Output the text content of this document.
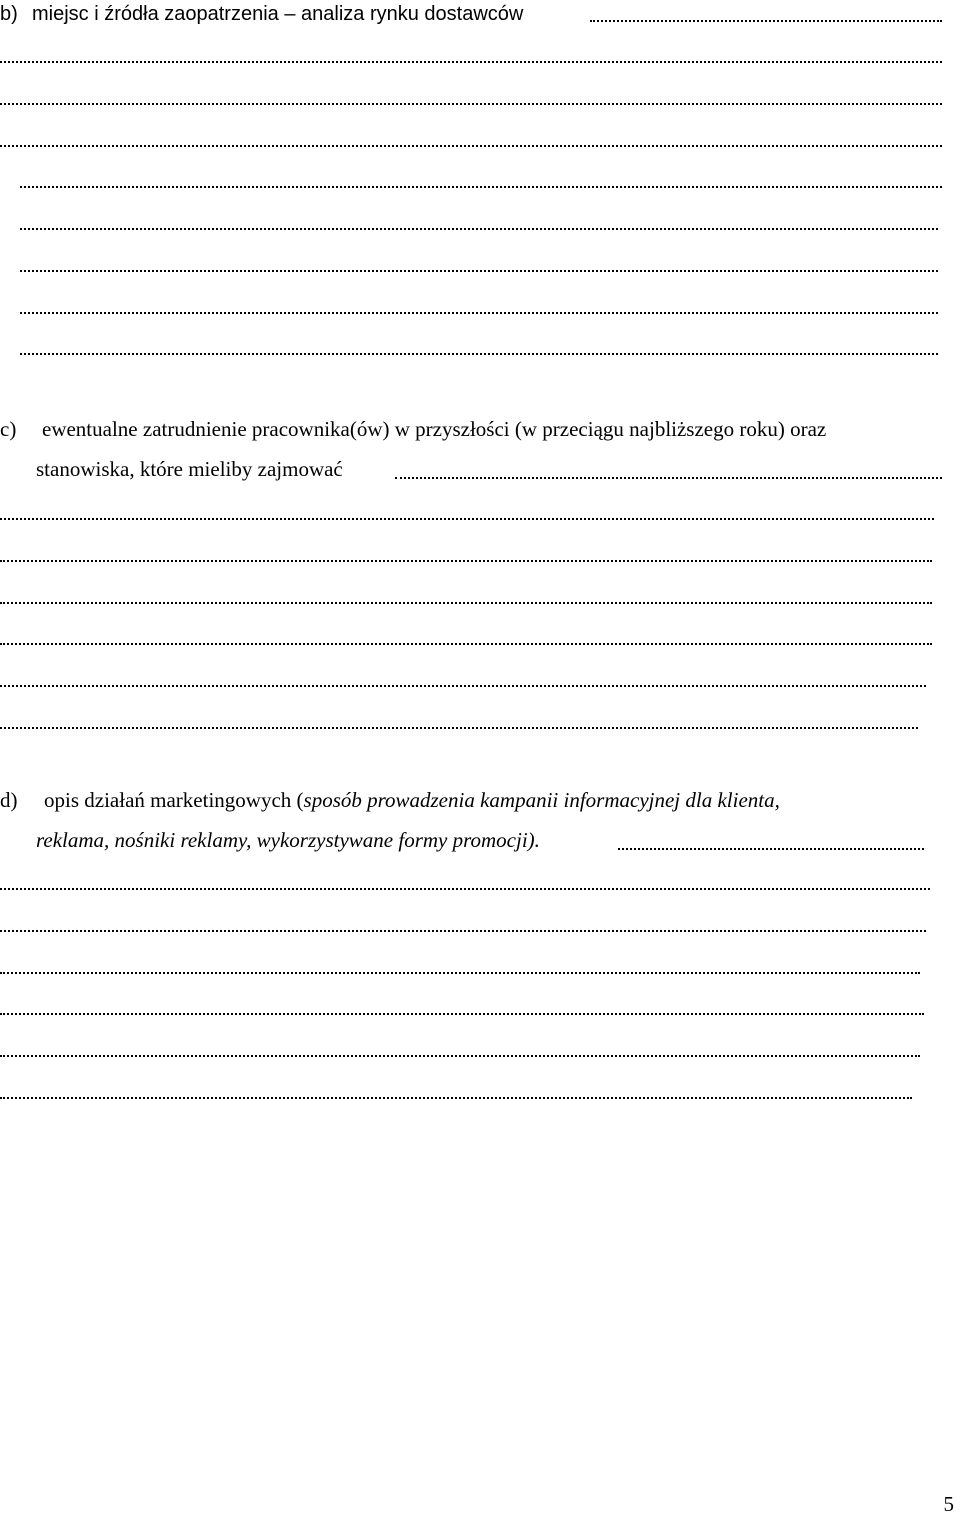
b) miejsc i źródła zaopatrzenia – analiza rynku dostawców
c) ewentualne zatrudnienie pracownika(ów) w przyszłości (w przeciągu najbliższego roku) oraz
stanowiska, które mieliby zajmować
d) opis działań marketingowych (sposób prowadzenia kampanii informacyjnej dla klienta,
reklama, nośniki reklamy, wykorzystywane formy promocji).
5
